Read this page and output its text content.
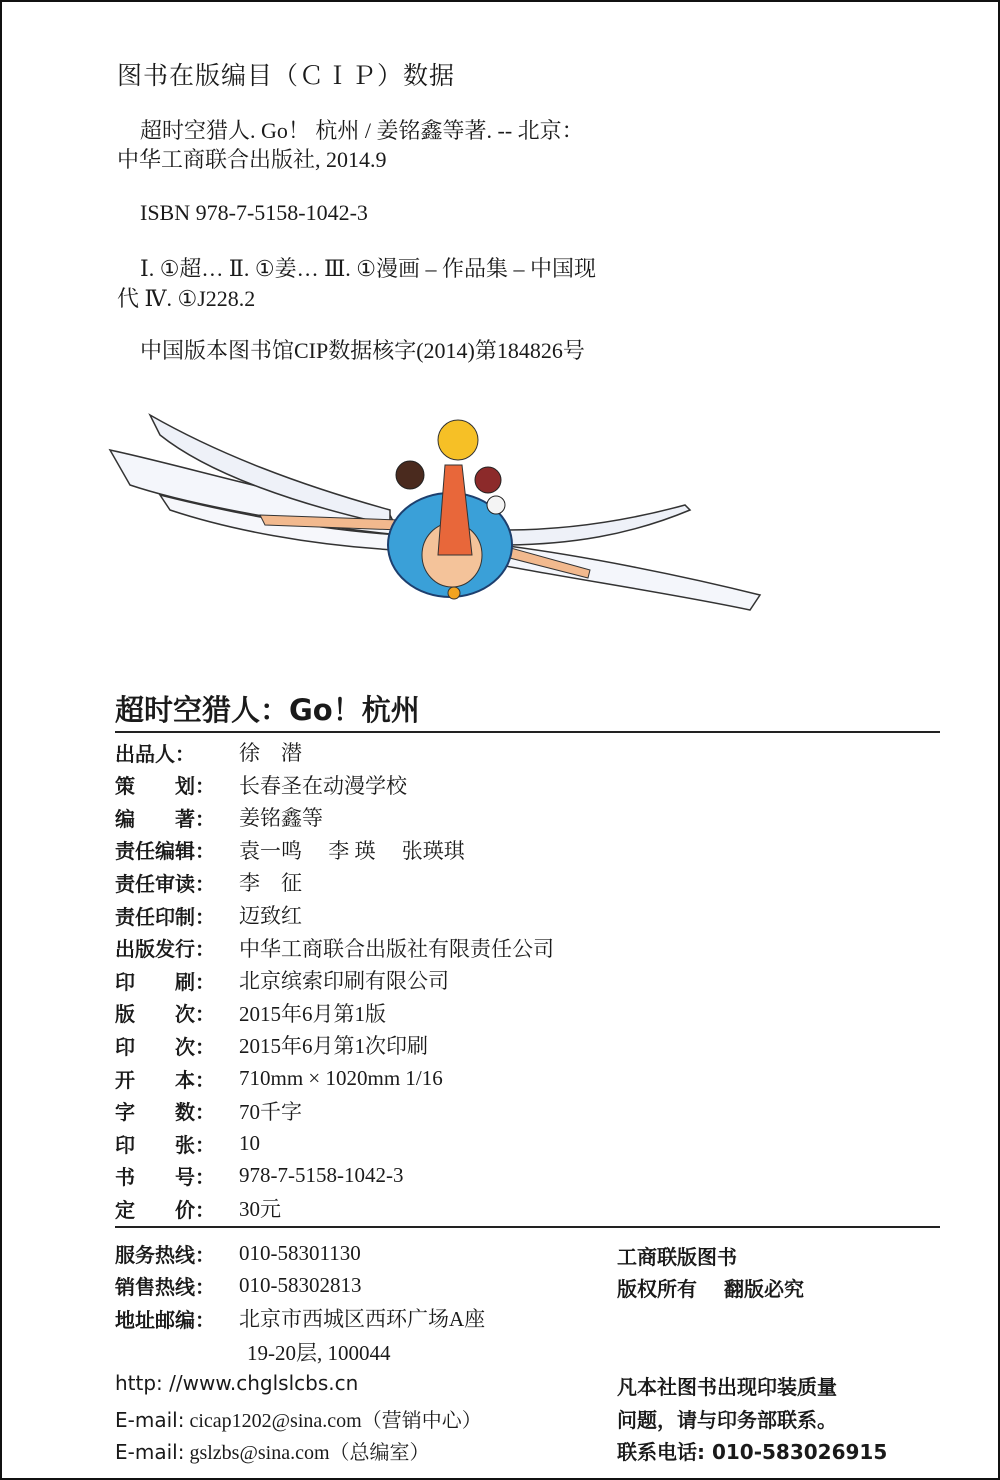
图书在版编目（ＣＩＰ）数据
超时空猎人. Go！ 杭州 / 姜铭鑫等著. -- 北京：
中华工商联合出版社, 2014.9
ISBN 978-7-5158-1042-3
Ⅰ. ①超… Ⅱ. ①姜… Ⅲ. ①漫画 – 作品集 – 中国现
代 Ⅳ. ①J228.2
中国版本图书馆CIP数据核字(2014)第184826号
超时空猎人：Go！杭州
出品人：	徐　潜
策　　划：	长春圣在动漫学校
编　　著：	姜铭鑫等
责任编辑：	袁一鸣　 李 瑛　 张瑛琪
责任审读：	李　征
责任印制：	迈致红
出版发行：	中华工商联合出版社有限责任公司
印　　刷：	北京缤索印刷有限公司
版　　次：	2015年6月第1版
印　　次：	2015年6月第1次印刷
开　　本：	710mm × 1020mm 1/16
字　　数：	70千字
印　　张：	10
书　　号：	978-7-5158-1042-3
定　　价：	30元
服务热线：	010-58301130
销售热线：	010-58302813
地址邮编：	北京市西城区西环广场A座
19-20层, 100044
http: //www.chglslcbs.cn
E-mail: cicap1202@sina.com（营销中心）
E-mail: gslzbs@sina.com（总编室）
工商联版图书
版权所有　 翻版必究
凡本社图书出现印装质量
问题，请与印务部联系。
联系电话: 010-583026915
